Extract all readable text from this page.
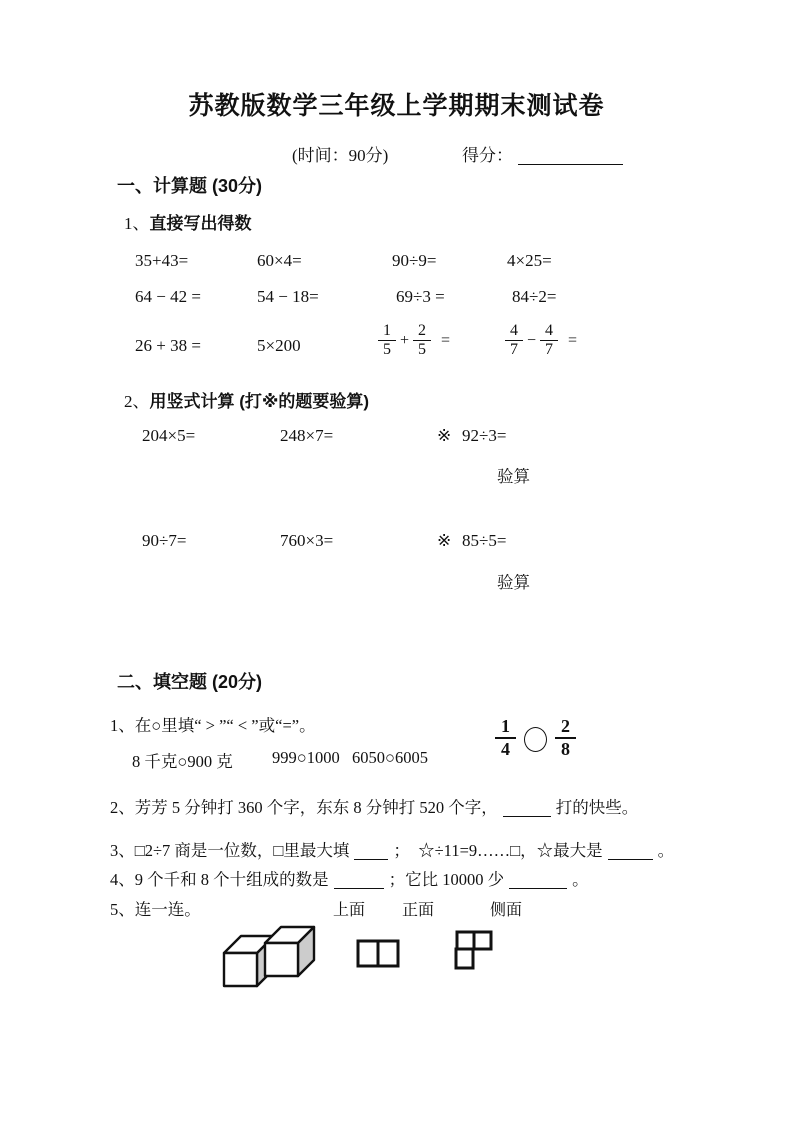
苏教版数学三年级上学期期末测试卷
(时间：90分)	得分：
一、计算题 (30分)
1、直接写出得数
35+43=	60×4=	90÷9=	4×25=
64 − 42 =	54 − 18=	69÷3 =	84÷2=
26 + 38 =	5×200	$\frac{1}{5} + \frac{2}{5}$ =	$\frac{4}{7} - \frac{4}{7}$ =
2、用竖式计算 (打※的题要验算)
204×5=	248×7=	※ 92÷3=
验算
90÷7=	760×3=	※ 85÷5=
验算
二、填空题 (20分)
1、在○里填“ > ”“ < ”或“=”。	$\frac{1}{4} \frac{2}{8}$
8 千克○900 克 999○1000 6050○6005
2、芳芳 5 分钟打 360 个字，东东 8 分钟打 520 个字，	打的快些。
3、□2÷7 商是一位数，□里最大填	；　☆÷11=9……□，☆最大是	。
4、9 个千和 8 个十组成的数是	；它比 10000 少	。
5、连一连。	上面 正面	侧面
